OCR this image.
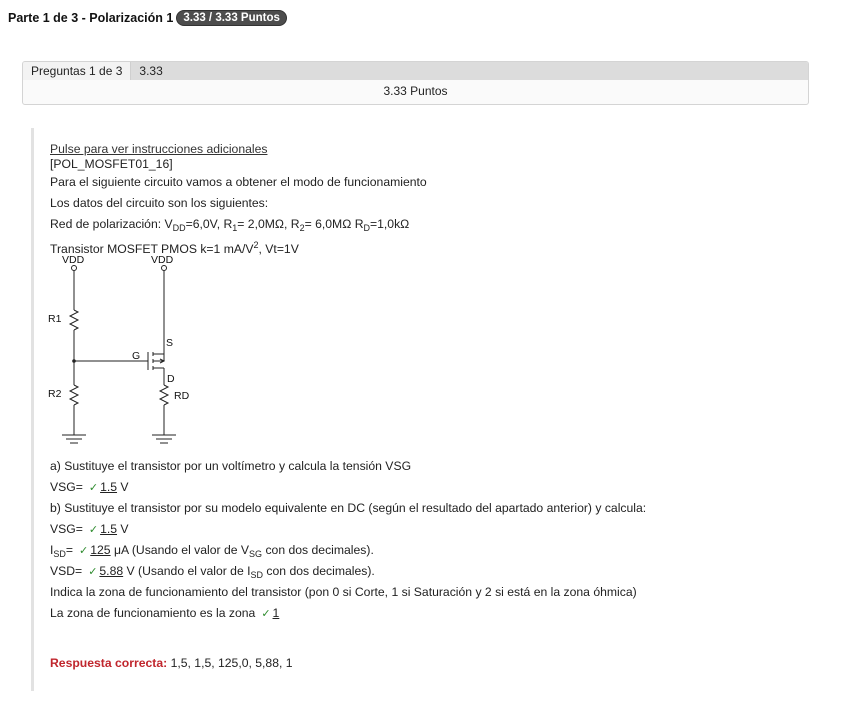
Parte 1 de 3 - Polarización 1 3.33 / 3.33 Puntos
Preguntas 1 de 3	3.33
3.33 Puntos
Pulse para ver instrucciones adicionales
[POL_MOSFET01_16]
Para el siguiente circuito vamos a obtener el modo de funcionamiento
Los datos del circuito son los siguientes:
Red de polarización: $V_{DD}=6,0V$, $R_1= 2,0M\Omega$, $R_2= 6,0M\Omega$ $R_D=1,0k\Omega$
Transistor MOSFET PMOS k=1 $mA/V^2$, Vt=1V
VDD	VDD
R1
R2	RD
G
S
D
a) Sustituye el transistor por un voltímetro y calcula la tensión VSG
VSG= ✓ 1.5 V
b) Sustituye el transistor por su modelo equivalente en DC (según el resultado del apartado anterior) y calcula:
VSG= ✓ 1.5 V
$I_{SD}=$ ✓ 125 μA (Usando el valor de $V_{SG}$ con dos decimales).
VSD= ✓ 5.88 V (Usando el valor de $I_{SD}$ con dos decimales).
Indica la zona de funcionamiento del transistor (pon 0 si Corte, 1 si Saturación y 2 si está en la zona óhmica)
La zona de funcionamiento es la zona ✓ 1
Respuesta correcta: 1,5, 1,5, 125,0, 5,88, 1
